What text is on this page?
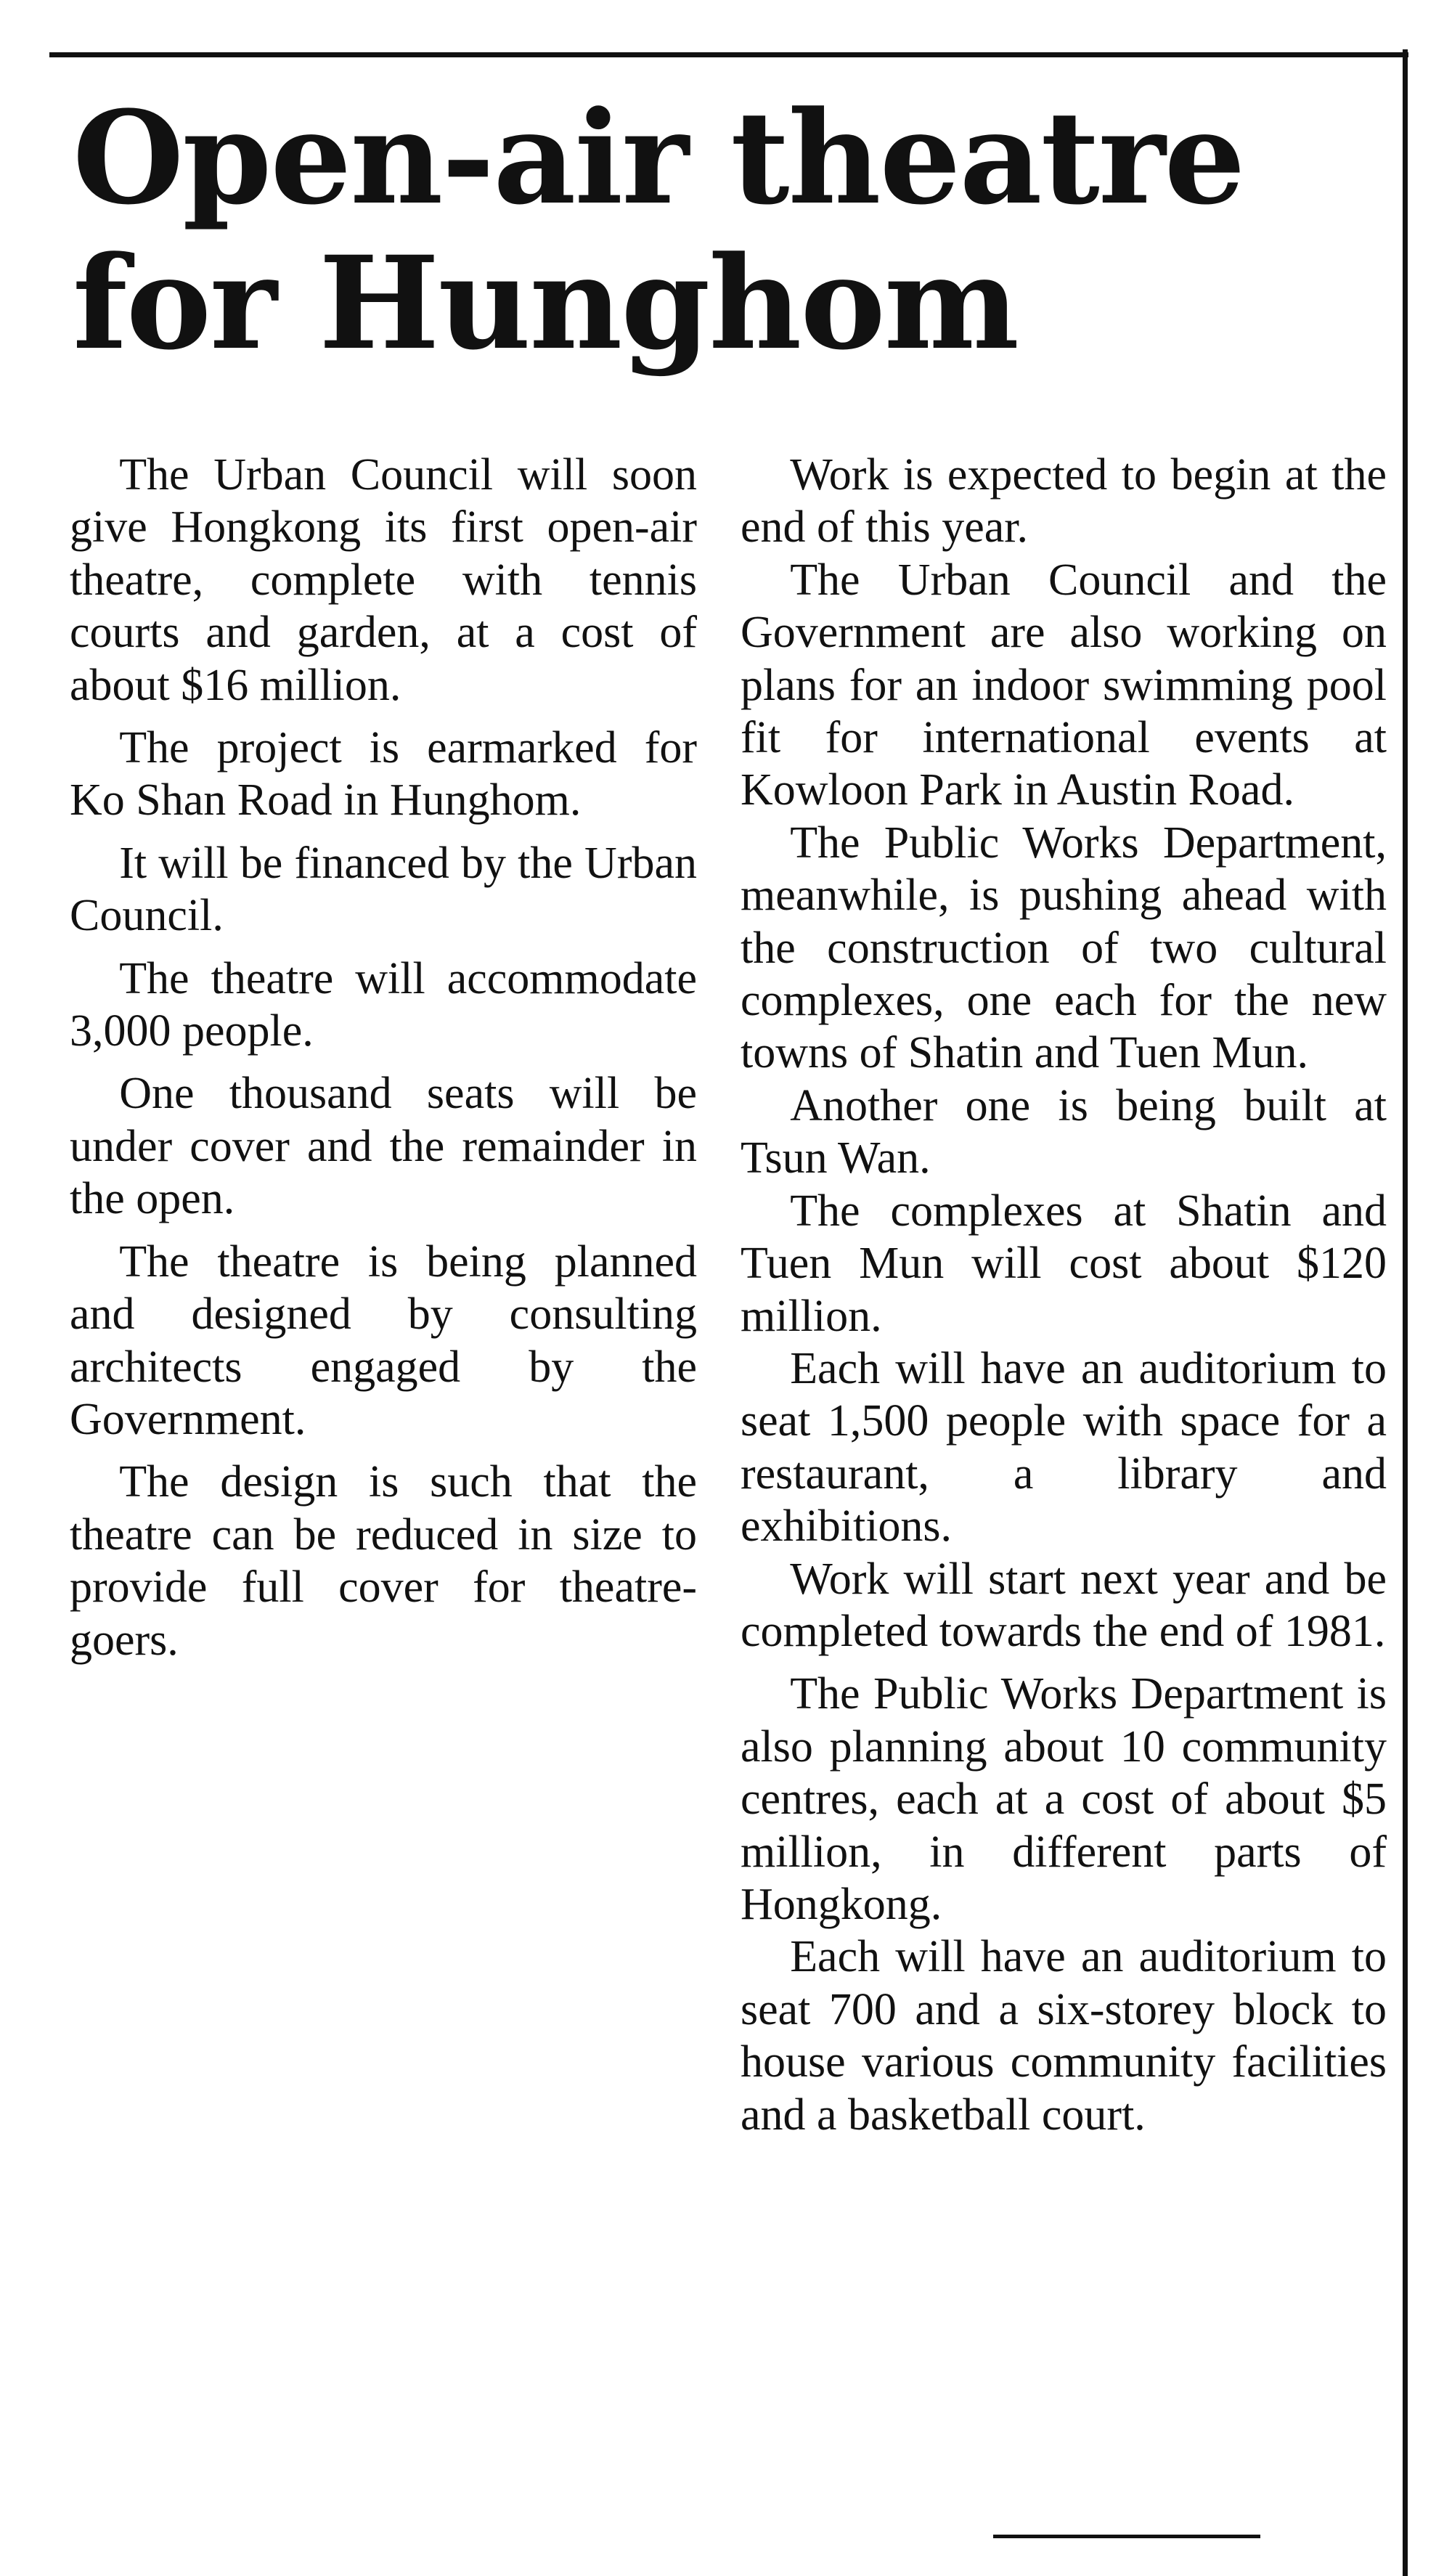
Open-air theatre
for Hunghom

The Urban Council will soon give Hongkong its first open-air theatre, complete with tennis courts and garden, at a cost of about $16 million.

The project is earmarked for Ko Shan Road in Hunghom.

It will be financed by the Urban Council.

The theatre will accommodate 3,000 people.

One thousand seats will be under cover and the remainder in the open.

The theatre is being planned and designed by consulting architects engaged by the Government.

The design is such that the theatre can be reduced in size to provide full cover for theatre-goers.

Work is expected to begin at the end of this year.

The Urban Council and the Government are also working on plans for an indoor swimming pool fit for international events at Kowloon Park in Austin Road.

The Public Works Department, meanwhile, is pushing ahead with the construction of two cultural complexes, one each for the new towns of Shatin and Tuen Mun.

Another one is being built at Tsun Wan.

The complexes at Shatin and Tuen Mun will cost about $120 million.

Each will have an auditorium to seat 1,500 people with space for a restaurant, a library and exhibitions.

Work will start next year and be completed towards the end of 1981.

The Public Works Department is also planning about 10 community centres, each at a cost of about $5 million, in different parts of Hongkong.

Each will have an auditorium to seat 700 and a six-storey block to house various community facilities and a basketball court.
